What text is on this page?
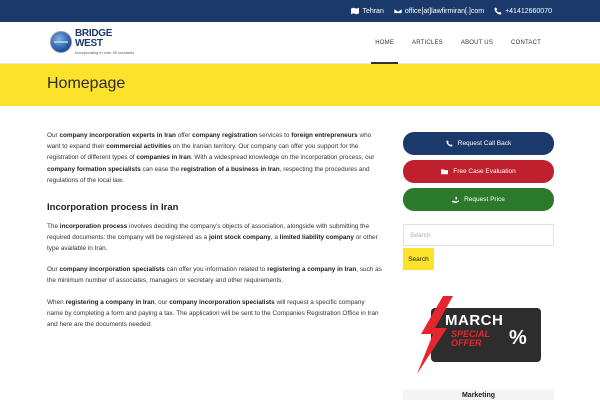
Tehran	office[at]lawfirmiran[.]com	+41412660070
BRIDGE
WEST
Incorporating in over 90 countries
HOME	ARTICLES	ABOUT US	CONTACT
Homepage

Our company incorporation experts in Iran offer company registration services to foreign entrepreneurs who want to expand their commercial activities on the Iranian territory. Our company can offer you support for the registration of different types of companies in Iran. With a widespread knowledge on the incorporation process, our company formation specialists can ease the registration of a business in Iran, respecting the procedures and regulations of the local law.

Incorporation process in Iran

The incorporation process involves deciding the company's objects of association, alongside with submitting the required documents: the company will be registered as a joint stock company, a limited liability company or other type available in Iran.

Our company incorporation specialists can offer you information related to registering a company in Iran, such as the minimum number of associates, managers or secretary and other requirements.

When registering a company in Iran, our company incorporation specialists will request a specific company name by completing a form and paying a tax. The application will be sent to the Companies Registration Office in Iran and here are the documents needed:

Request Call Back
Free Case Evaluation
Request Price
Search Search
MARCH
SPECIAL
OFFER	%
Marketing
